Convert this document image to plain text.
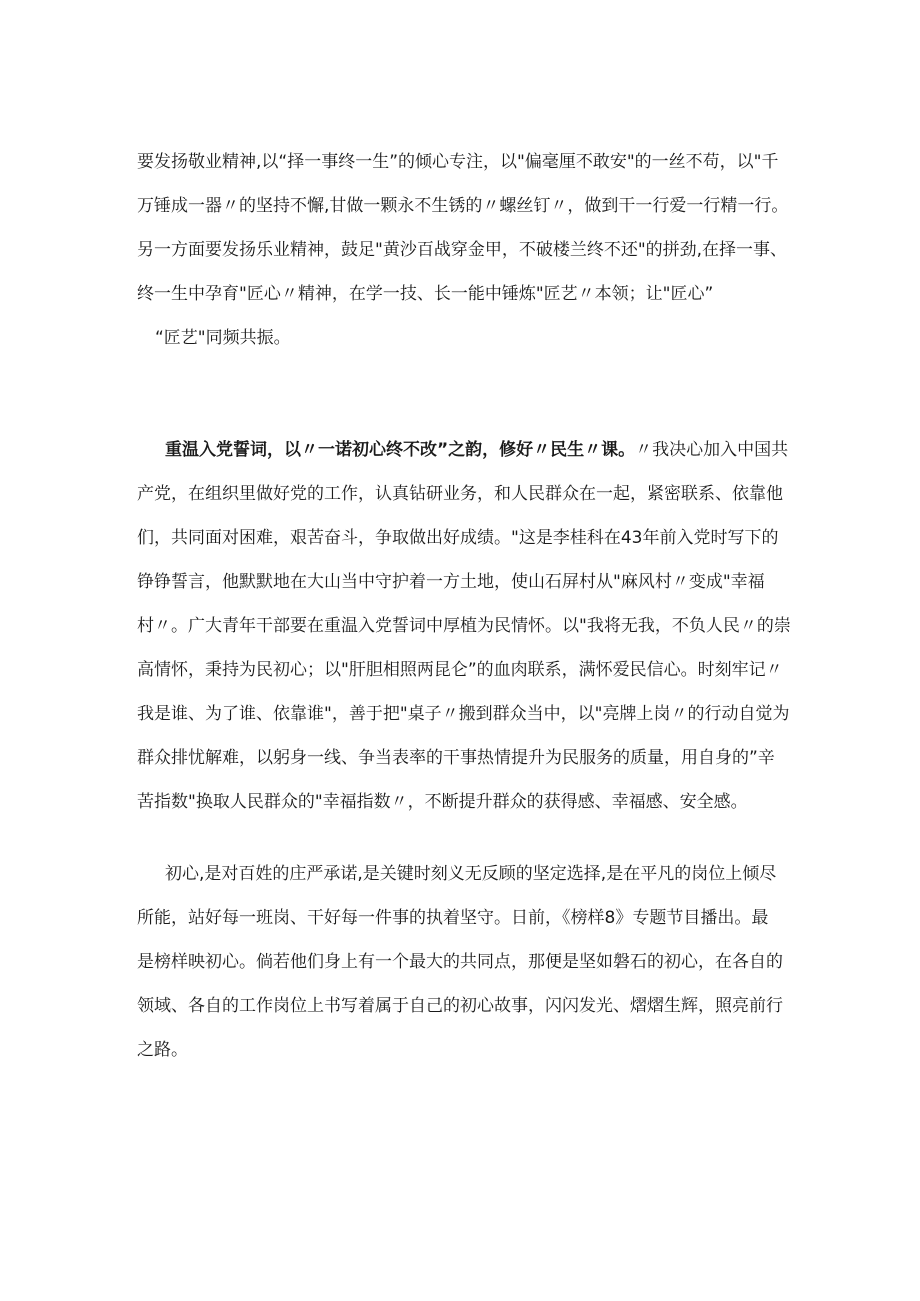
要发扬敬业精神,以“择一事终一生”的倾心专注，以"偏毫厘不敢安"的一丝不苟，以"千
万锤成一器〃的坚持不懈,甘做一颗永不生锈的〃螺丝钉〃，做到干一行爱一行精一行。
另一方面要发扬乐业精神，鼓足"黄沙百战穿金甲，不破楼兰终不还"的拼劲,在择一事、
终一生中孕育"匠心〃精神，在学一技、长一能中锤炼"匠艺〃本领；让"匠心”
“匠艺"同频共振。
重温入党誓词，以〃一诺初心终不改”之韵，修好〃民生〃课。〃我决心加入中国共
产党，在组织里做好党的工作，认真钻研业务，和人民群众在一起，紧密联系、依靠他
们，共同面对困难，艰苦奋斗，争取做出好成绩。"这是李桂科在43年前入党时写下的
铮铮誓言，他默默地在大山当中守护着一方土地，使山石屏村从"麻风村〃变成"幸福
村〃。广大青年干部要在重温入党誓词中厚植为民情怀。以"我将无我，不负人民〃的崇
高情怀，秉持为民初心；以"肝胆相照两昆仑”的血肉联系，满怀爱民信心。时刻牢记〃
我是谁、为了谁、依靠谁"，善于把"桌子〃搬到群众当中，以"亮牌上岗〃的行动自觉为
群众排忧解难，以躬身一线、争当表率的干事热情提升为民服务的质量，用自身的”辛
苦指数"换取人民群众的"幸福指数〃，不断提升群众的获得感、幸福感、安全感。
初心,是对百姓的庄严承诺,是关键时刻义无反顾的坚定选择,是在平凡的岗位上倾尽
所能，站好每一班岗、干好每一件事的执着坚守。日前，《榜样8》专题节目播出。最
是榜样映初心。倘若他们身上有一个最大的共同点，那便是坚如磐石的初心，在各自的
领域、各自的工作岗位上书写着属于自己的初心故事，闪闪发光、熠熠生辉，照亮前行
之路。
